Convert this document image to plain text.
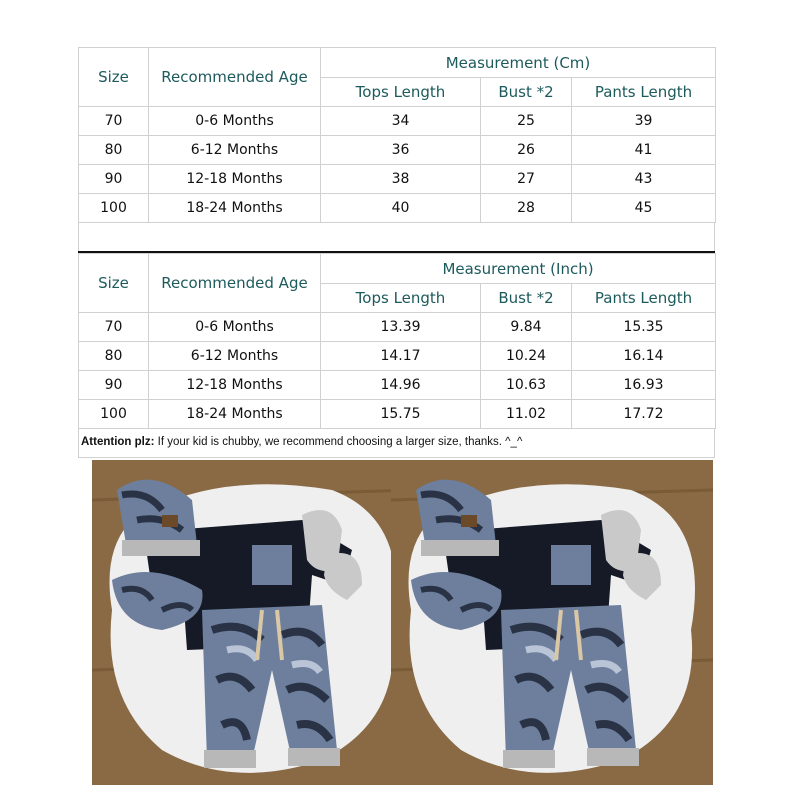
Size	Recommended Age	Measurement (Cm)		
		Tops Length	Bust *2	Pants Length
70	0-6 Months	34	25	39
80	6-12 Months	36	26	41
90	12-18 Months	38	27	43
100	18-24 Months	40	28	45
Size	Recommended Age	Measurement (Inch)		
		Tops Length	Bust *2	Pants Length
70	0-6 Months	13.39	9.84	15.35
80	6-12 Months	14.17	10.24	16.14
90	12-18 Months	14.96	10.63	16.93
100	18-24 Months	15.75	11.02	17.72
Attention plz: If your kid is chubby, we recommend choosing a larger size, thanks. ^_^
